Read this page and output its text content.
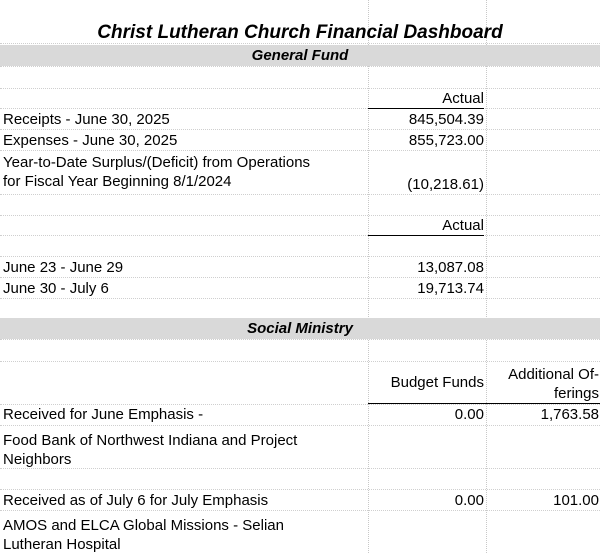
Christ Lutheran Church Financial Dashboard
General Fund
Actual
Receipts - June 30, 2025	845,504.39
Expenses - June 30, 2025	855,723.00
Year-to-Date Surplus/(Deficit) from Operations
for Fiscal Year Beginning 8/1/2024	(10,218.61)
Actual
June 23 - June 29	13,087.08
June 30 - July 6	19,713.74
Social Ministry
Budget Funds	Additional Of-
ferings
Received for June Emphasis -	0.00	1,763.58
Food Bank of Northwest Indiana and Project
Neighbors
Received as of July 6 for July Emphasis	0.00	101.00
AMOS and ELCA Global Missions - Selian
Lutheran Hospital
